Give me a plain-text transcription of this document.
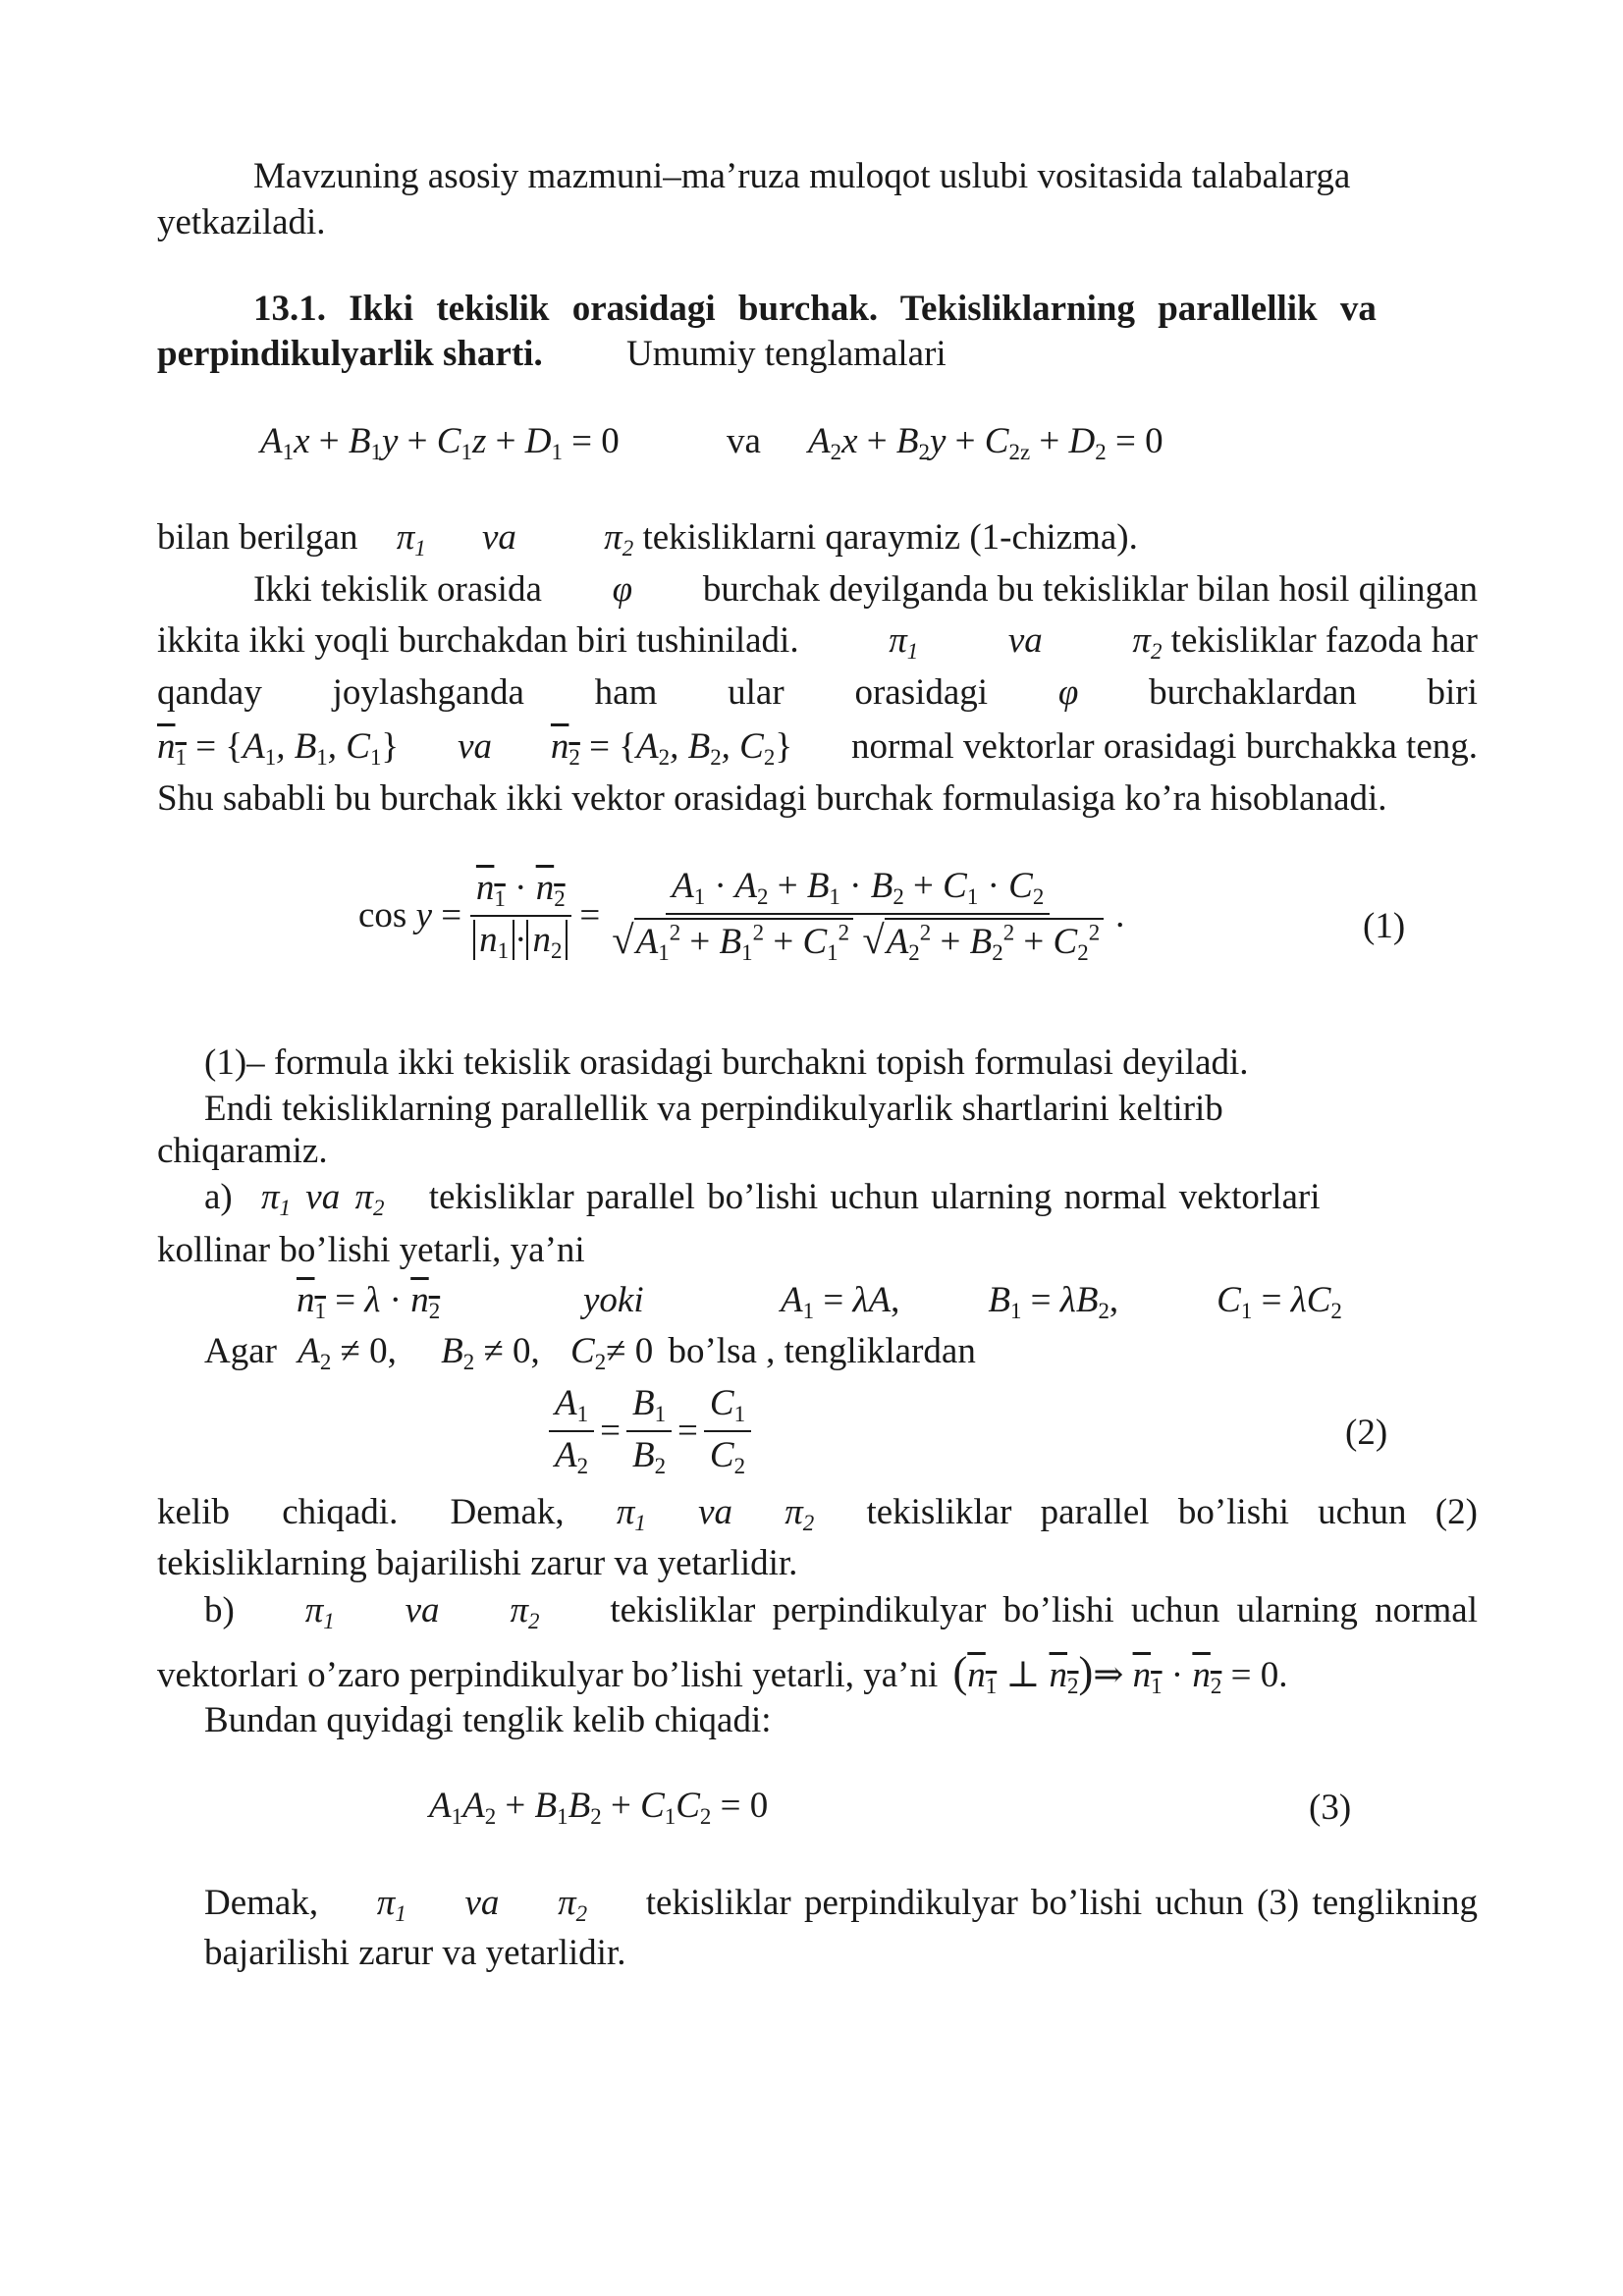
Mavzuning asosiy mazmuni–ma’ruza muloqot uslubi vositasida talabalarga
yetkaziladi.
13.1. Ikki tekislik orasidagi burchak. Tekisliklarning parallellik va
perpindikulyarlik sharti. Umumiy tenglamalari
$A_1x + B_1y + C_1z + D_1 = 0$	va $A_2x + B_2y + C_{2z} + D_2 = 0$
bilan berilgan $\pi_1$ va $\pi_2$ tekisliklarni qaraymiz (1-chizma).
Ikki tekislik orasida φ burchak deyilganda bu tekisliklar bilan hosil qilingan
ikkita ikki yoqli burchakdan biri tushiniladi. $\pi_1$ va $\pi_2$ tekisliklar fazoda har
qanday joylashganda ham ular orasidagi φ burchaklardan biri
$n_1 = \{A_1$, $B_1$, $C_1$} va $n_2 = \{A_2$, $B_2$, $C_2$} normal vektorlar orasidagi burchakka teng.
Shu sababli bu burchak ikki vektor orasidagi burchak formulasiga ko’ra hisoblanadi.
$\cos y = \frac{n_1 \cdot n_2}{n_1 \cdot n_2} = \frac{A_1 \cdot A_2 + B_1 \cdot B_2 + C_1 \cdot C_2}{√A_1^2 + B_1^2 + C_1^2 √A_2^2 + B_2^2 + C_2^2}$ .	(1)
(1)– formula ikki tekislik orasidagi burchakni topish formulasi deyiladi.
Endi tekisliklarning parallellik va perpindikulyarlik shartlarini keltirib
chiqaramiz.
a) $\pi_1$ va $\pi_2$ tekisliklar parallel bo’lishi uchun ularning normal vektorlari
kollinar bo’lishi yetarli, ya’ni
$n_1 = \lambda \cdot n_2$	yoki	$A_1 = \lambda A$, $B_1 = \lambda B_2$,	$C_1 = \lambda C_2$
Agar $A_2 \ne 0$, $B_2 \ne 0$, $C_2\ne 0$ bo’lsa , tengliklardan
$\frac{A_1}{A_2} = \frac{B_1}{B_2} = \frac{C_1}{C_2}$	(2)
kelib chiqadi. Demak, $\pi_1$ va $\pi_2$ tekisliklar parallel bo’lishi uchun (2)
tekisliklarning bajarilishi zarur va yetarlidir.
b) $\pi_1$ va $\pi_2$ tekisliklar perpindikulyar bo’lishi uchun ularning normal
vektorlari o’zaro perpindikulyar bo’lishi yetarli, ya’ni ($n_1$ ⊥ $n_2)\Rightarrow$ $n_1 \cdot n_2 = 0$.
Bundan quyidagi tenglik kelib chiqadi:
$A_1A_2 + B_1B_2 + C_1C_2 = 0$	(3)
Demak, $\pi_1$ va $\pi_2$ tekisliklar perpindikulyar bo’lishi uchun (3) tenglikning
bajarilishi zarur va yetarlidir.
